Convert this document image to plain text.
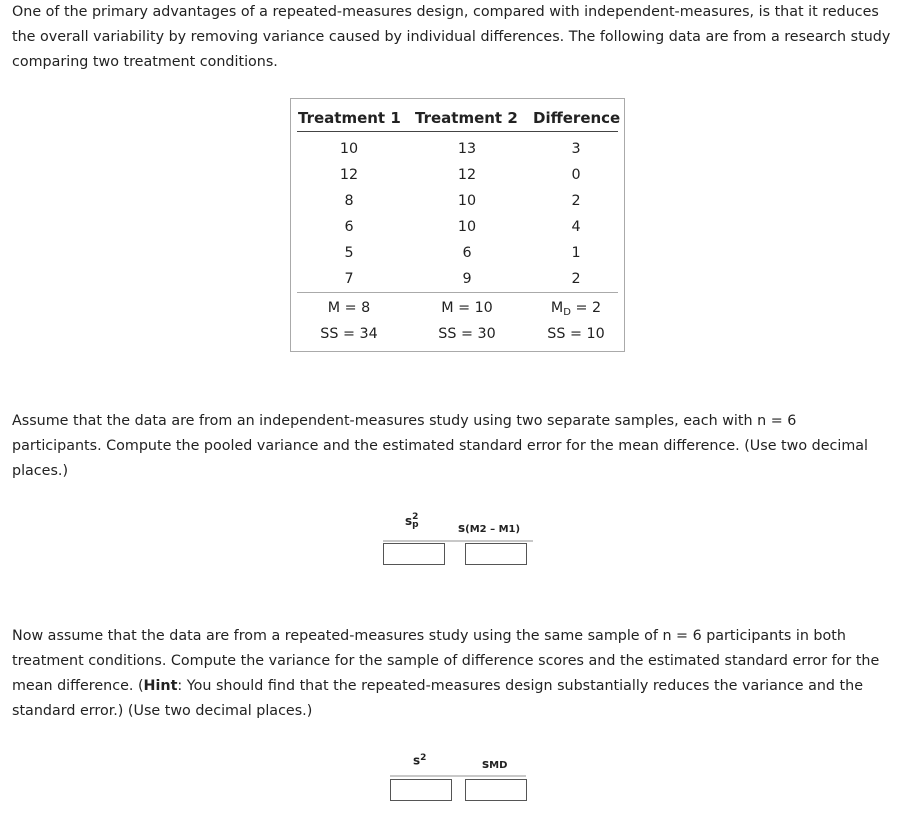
One of the primary advantages of a repeated-measures design, compared with independent-measures, is that it reduces the overall variability by removing variance caused by individual differences. The following data are from a research study comparing two treatment conditions.

Treatment 1 Treatment 2 Difference
10	13	3
12	12	0
8	10	2
6	10	4
5	6	1
7	9	2
M = 8	M = 10	$M_D = 2$
SS = 34	SS = 30	SS = 10

Assume that the data are from an independent-measures study using two separate samples, each with n = 6 participants. Compute the pooled variance and the estimated standard error for the mean difference. (Use two decimal places.)

s 2
p	s(M2 – M1)

Now assume that the data are from a repeated-measures study using the same sample of n = 6 participants in both treatment conditions. Compute the variance for the sample of difference scores and the estimated standard error for the mean difference. (Hint: You should find that the repeated-measures design substantially reduces the variance and the standard error.) (Use two decimal places.)

$s^2$	sMD
